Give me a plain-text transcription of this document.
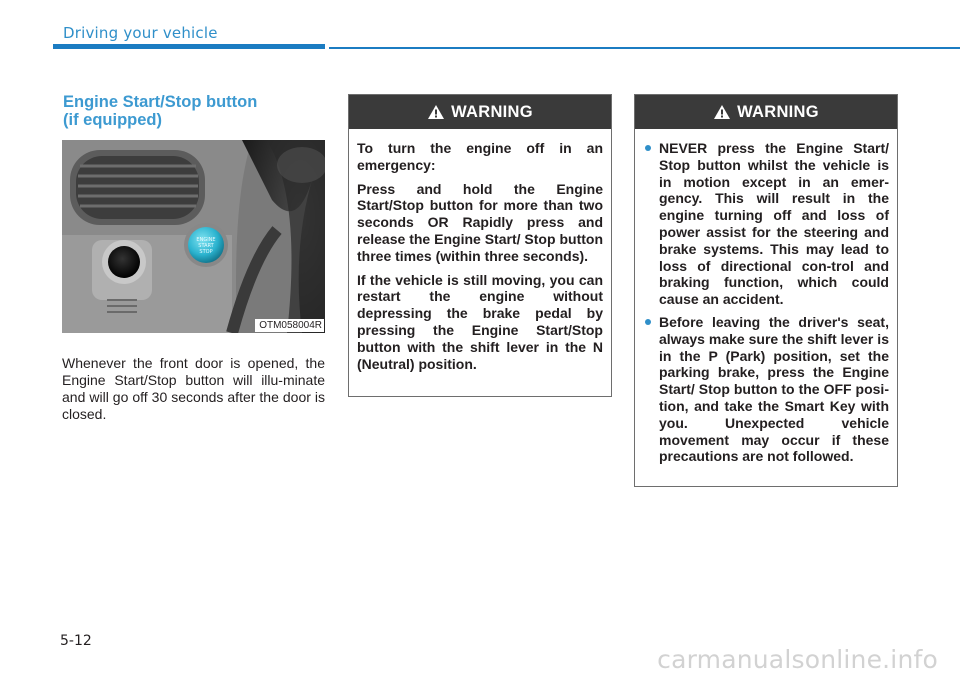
Driving your vehicle
Engine Start/Stop button
(if equipped)
ENGINE
START
STOP
OTM058004R
Whenever the front door is opened, the Engine Start/Stop button will illu-minate and will go off 30 seconds after the door is closed.
WARNING

To turn the engine off in an emergency:

Press and hold the Engine Start/Stop button for more than two seconds OR Rapidly press and release the Engine Start/ Stop button three times (within three seconds).

If the vehicle is still moving, you can restart the engine without depressing the brake pedal by pressing the Engine Start/Stop button with the shift lever in the N (Neutral) position.

WARNING
NEVER press the Engine Start/ Stop button whilst the vehicle is in motion except in an emer-gency. This will result in the engine turning off and loss of power assist for the steering and brake systems. This may lead to loss of directional con-trol and braking function, which could cause an accident.
Before leaving the driver's seat, always make sure the shift lever is in the P (Park) position, set the parking brake, press the Engine Start/ Stop button to the OFF posi-tion, and take the Smart Key with you. Unexpected vehicle movement may occur if these precautions are not followed.
5-12
carmanualsonline.info
